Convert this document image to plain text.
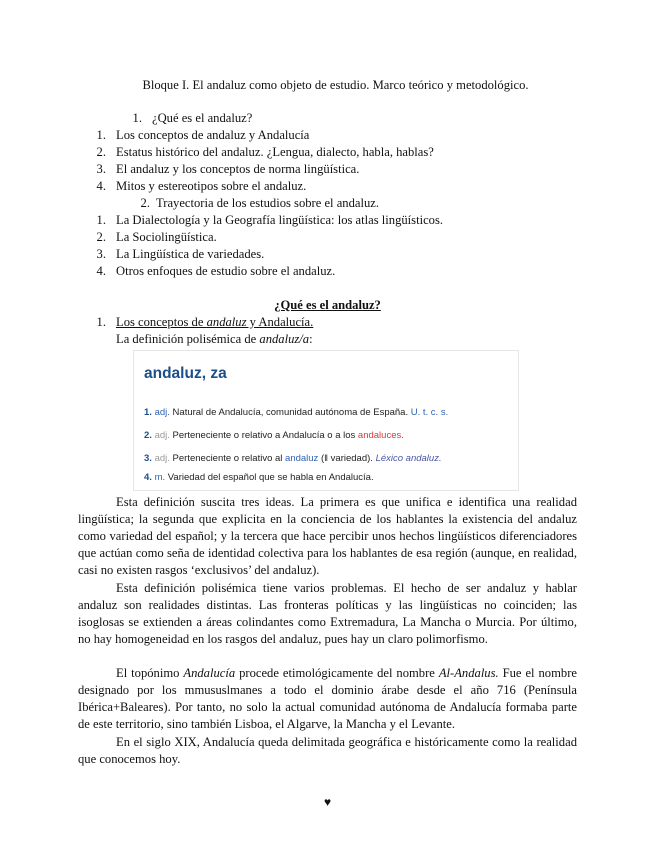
Bloque I. El andaluz como objeto de estudio. Marco teórico y metodológico.
1. ¿Qué es el andaluz?
1. Los conceptos de andaluz y Andalucía
2. Estatus histórico del andaluz. ¿Lengua, dialecto, habla, hablas?
3. El andaluz y los conceptos de norma lingüística.
4. Mitos y estereotipos sobre el andaluz.
2. Trayectoria de los estudios sobre el andaluz.
1. La Dialectología y la Geografía lingüística: los atlas lingüísticos.
2. La Sociolingüística.
3. La Lingüística de variedades.
4. Otros enfoques de estudio sobre el andaluz.
¿Qué es el andaluz?
1. Los conceptos de andaluz y Andalucía.
La definición polisémica de andaluz/a:
andaluz, za
1. adj. Natural de Andalucía, comunidad autónoma de España. U. t. c. s.
2. adj. Perteneciente o relativo a Andalucía o a los andaluces.
3. adj. Perteneciente o relativo al andaluz (‖ variedad). Léxico andaluz.
4. m. Variedad del español que se habla en Andalucía.

Esta definición suscita tres ideas. La primera es que unifica e identifica una realidad lingüística; la segunda que explicita en la conciencia de los hablantes la existencia del andaluz como variedad del español; y la tercera que hace percibir unos hechos lingüísticos diferenciadores que actúan como seña de identidad colectiva para los hablantes de esa región (aunque, en realidad, casi no existen rasgos ‘exclusivos’ del andaluz).

Esta definición polisémica tiene varios problemas. El hecho de ser andaluz y hablar andaluz son realidades distintas. Las fronteras políticas y las lingüísticas no coinciden; las isoglosas se extienden a áreas colindantes como Extremadura, La Mancha o Murcia. Por último, no hay homogeneidad en los rasgos del andaluz, pues hay un claro polimorfismo.

El topónimo Andalucía procede etimológicamente del nombre Al-Andalus. Fue el nombre designado por los mmususlmanes a todo el dominio árabe desde el año 716 (Península Ibérica+Baleares). Por tanto, no solo la actual comunidad autónoma de Andalucía formaba parte de este territorio, sino también Lisboa, el Algarve, la Mancha y el Levante.

En el siglo XIX, Andalucía queda delimitada geográfica e históricamente como la realidad que conocemos hoy.

♥
